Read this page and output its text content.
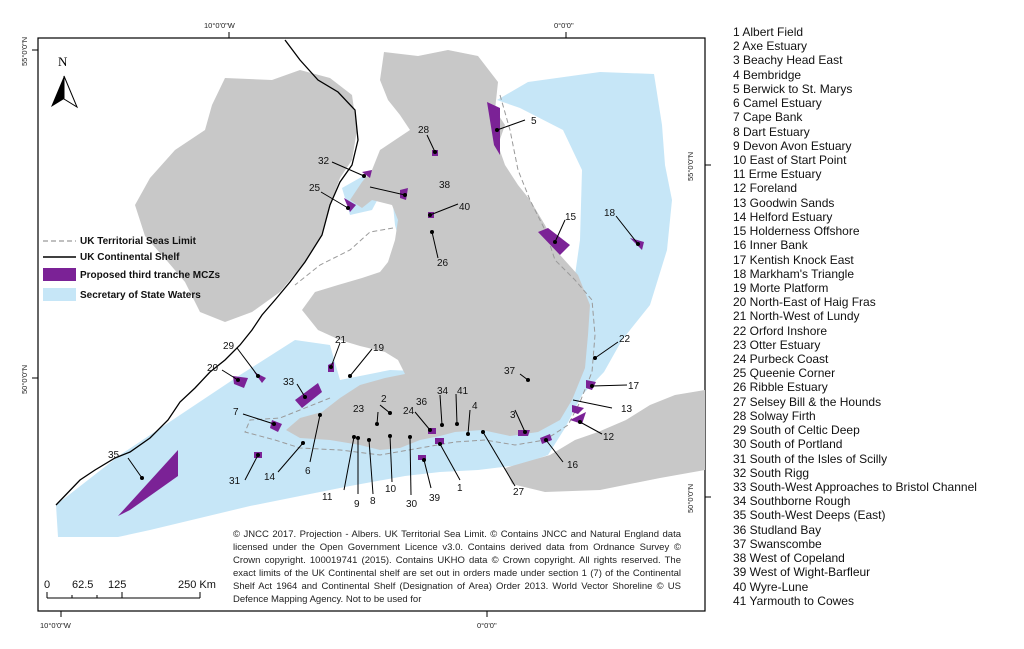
10°0'0"W	0°0'0"
10°0'0"W	0°0'0"
55°0'0"N
50°0'0"N
55°0'0"N
50°0'0"N
1
2
3
4
5
6
7
8
9
10
11
12
13
14
15
16
17
18
19
20
21	22
23	24
25
26
27
28
29
30
31
32
33
34
35
36
37
38
39
40
41
N
UK Territorial Seas Limit
UK Continental Shelf
Proposed third tranche MCZs
Secretary of State Waters
0 62.5 125	250 Km

© JNCC 2017. Projection - Albers. UK Territorial Sea Limit. © Contains JNCC and Natural England data licensed under the Open Government Licence v3.0. Contains derived data from Ordnance Survey © Crown copyright. 100019741 (2015). Contains UKHO data © Crown copyright. All rights reserved. The exact limits of the UK Continental shelf are set out in orders made under section 1 (7) of the Continental Shelf Act 1964 and Continental Shelf (Designation of Area) Order 2013. World Vector Shoreline © US Defence Mapping Agency. Not to be used for

1 Albert Field
2 Axe Estuary
3 Beachy Head East
4 Bembridge
5 Berwick to St. Marys
6 Camel Estuary
7 Cape Bank
8 Dart Estuary
9 Devon Avon Estuary
10 East of Start Point
11 Erme Estuary
12 Foreland
13 Goodwin Sands
14 Helford Estuary
15 Holderness Offshore
16 Inner Bank
17 Kentish Knock East
18 Markham's Triangle
19 Morte Platform
20 North-East of Haig Fras
21 North-West of Lundy
22 Orford Inshore
23 Otter Estuary
24 Purbeck Coast
25 Queenie Corner
26 Ribble Estuary
27 Selsey Bill & the Hounds
28 Solway Firth
29 South of Celtic Deep
30 South of Portland
31 South of the Isles of Scilly
32 South Rigg
33 South-West Approaches to Bristol Channel
34 Southborne Rough
35 South-West Deeps (East)
36 Studland Bay
37 Swanscombe
38 West of Copeland
39 West of Wight-Barfleur
40 Wyre-Lune
41 Yarmouth to Cowes
